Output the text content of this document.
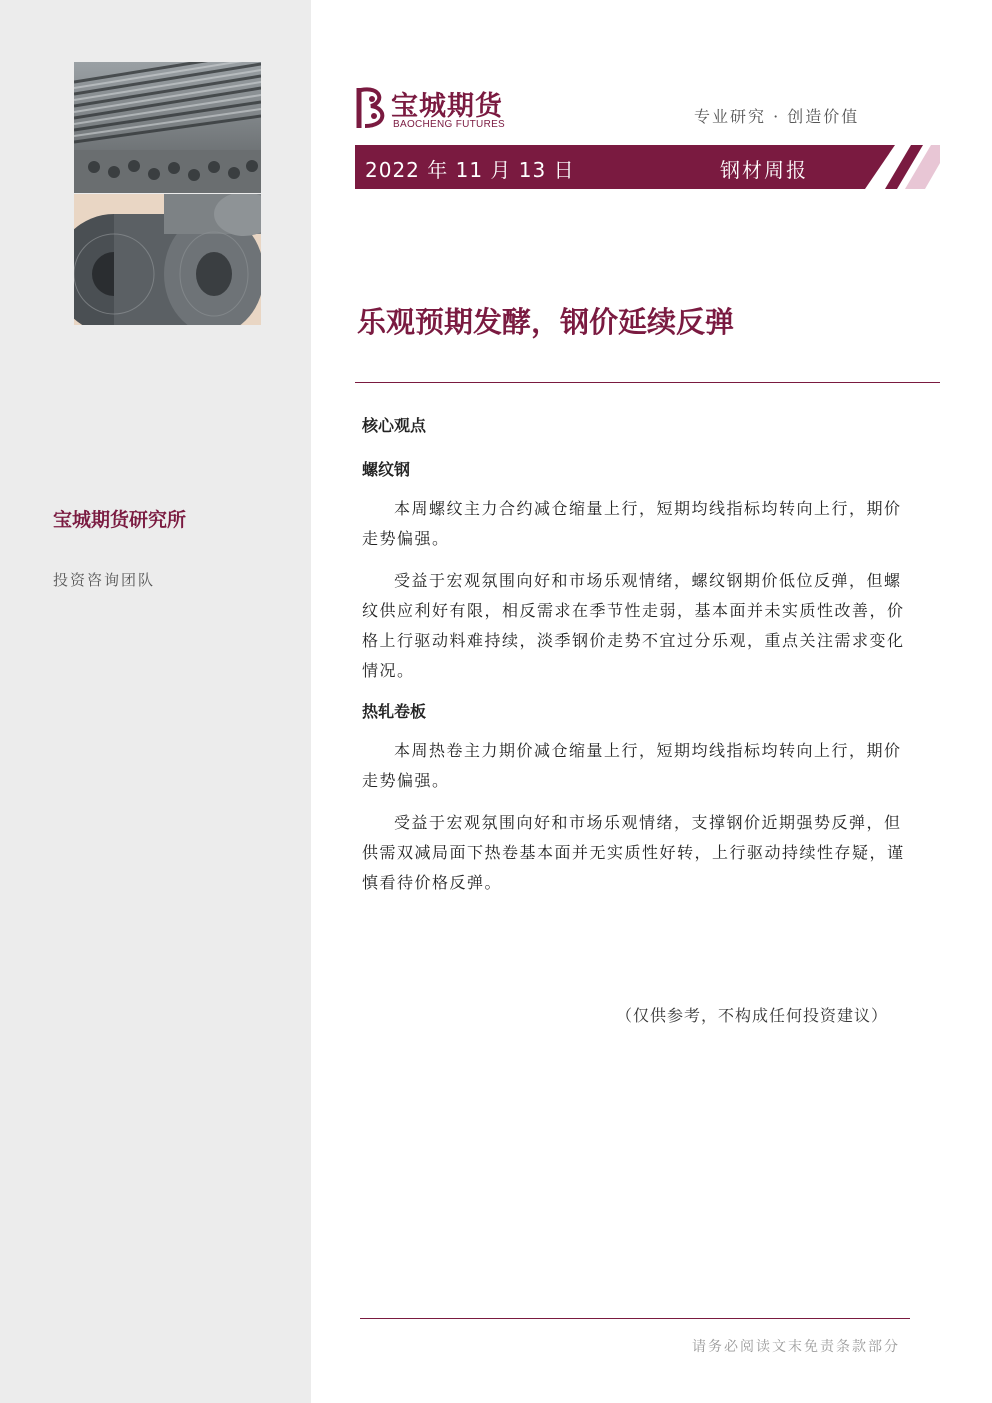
宝城期货研究所
投资咨询团队
宝城期货
BAOCHENG FUTURES	专业研究 · 创造价值
2022 年 11 月 13 日	钢材周报
乐观预期发酵，钢价延续反弹
核心观点
螺纹钢

本周螺纹主力合约减仓缩量上行，短期均线指标均转向上行，期价走势偏强。

受益于宏观氛围向好和市场乐观情绪，螺纹钢期价低位反弹，但螺纹供应利好有限，相反需求在季节性走弱，基本面并未实质性改善，价格上行驱动料难持续，淡季钢价走势不宜过分乐观，重点关注需求变化情况。

热轧卷板

本周热卷主力期价减仓缩量上行，短期均线指标均转向上行，期价走势偏强。

受益于宏观氛围向好和市场乐观情绪，支撑钢价近期强势反弹，但供需双减局面下热卷基本面并无实质性好转，上行驱动持续性存疑，谨慎看待价格反弹。

（仅供参考，不构成任何投资建议）
请务必阅读文末免责条款部分
